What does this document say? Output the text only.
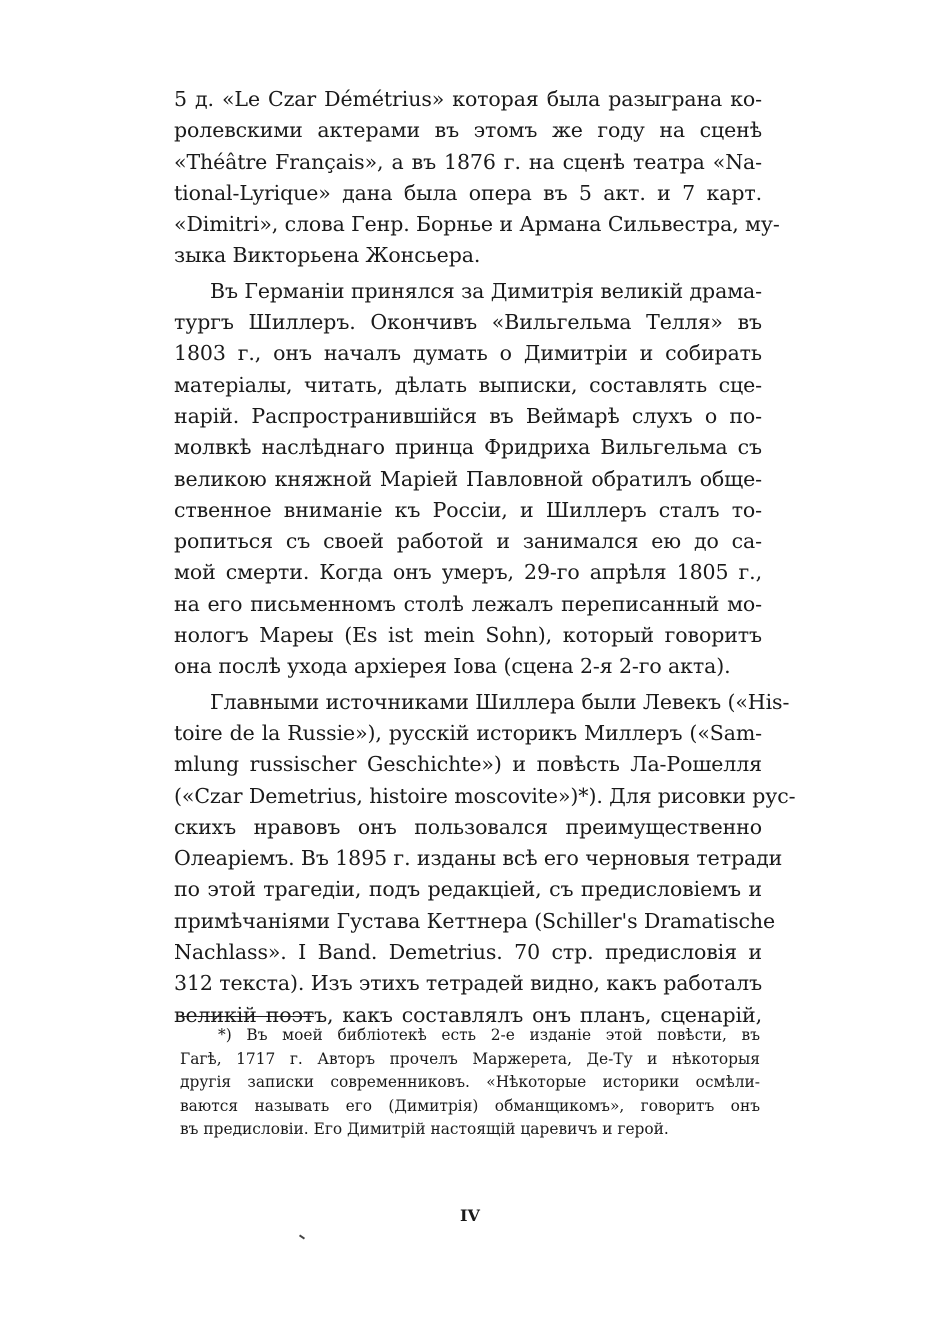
5 д. «Le Czar Démétrius» которая была разыграна ко-
ролевскими актерами въ этомъ же году на сценѣ
«Théâtre Français», а въ 1876 г. на сценѣ театра «Na-
tional-Lyrique» дана была опера въ 5 акт. и 7 карт.
«Dimitri», слова Генр. Борнье и Армана Сильвестра, му-
зыка Викторьена Жонсьера.
Въ Германіи принялся за Димитрія великій драма-
тургъ Шиллеръ. Окончивъ «Вильгельма Телля» въ
1803 г., онъ началъ думать о Димитріи и собирать
матеріалы, читать, дѣлать выписки, составлять сце-
нарій. Распространившійся въ Веймарѣ слухъ о по-
молвкѣ наслѣднаго принца Фридриха Вильгельма съ
великою княжной Маріей Павловной обратилъ обще-
ственное вниманіе къ Россіи, и Шиллеръ сталъ то-
ропиться съ своей работой и занимался ею до са-
мой смерти. Когда онъ умеръ, 29-го апрѣля 1805 г.,
на его письменномъ столѣ лежалъ переписанный мо-
нологъ Мареы (Es ist mein Sohn), который говоритъ
она послѣ ухода архіерея Іова (сцена 2-я 2-го акта).
Главными источниками Шиллера были Левекъ («His-
toire de la Russie»), русскій историкъ Миллеръ («Sam-
mlung russischer Geschichte») и повѣсть Ла-Рошелля
(«Czar Demetrius, histoire moscovite»)*). Для рисовки рус-
скихъ нравовъ онъ пользовался преимущественно
Олеаріемъ. Въ 1895 г. изданы всѣ его черновыя тетради
по этой трагедіи, подъ редакціей, съ предисловіемъ и
примѣчаніями Густава Кеттнера (Schiller's Dramatische
Nachlass». I Band. Demetrius. 70 стр. предисловія и
312 текста). Изъ этихъ тетрадей видно, какъ работалъ
великій поэтъ, какъ составлялъ онъ планъ, сценарій,
*) Въ моей библіотекѣ есть 2-е изданіе этой повѣсти, въ
Гагѣ, 1717 г. Авторъ прочелъ Маржерета, Де-Ту и нѣкоторыя
другія записки современниковъ. «Нѣкоторые историки осмѣли-
ваются называть его (Димитрія) обманщикомъ», говоритъ онъ
въ предисловіи. Его Димитрій настоящій царевичъ и герой.
IV
